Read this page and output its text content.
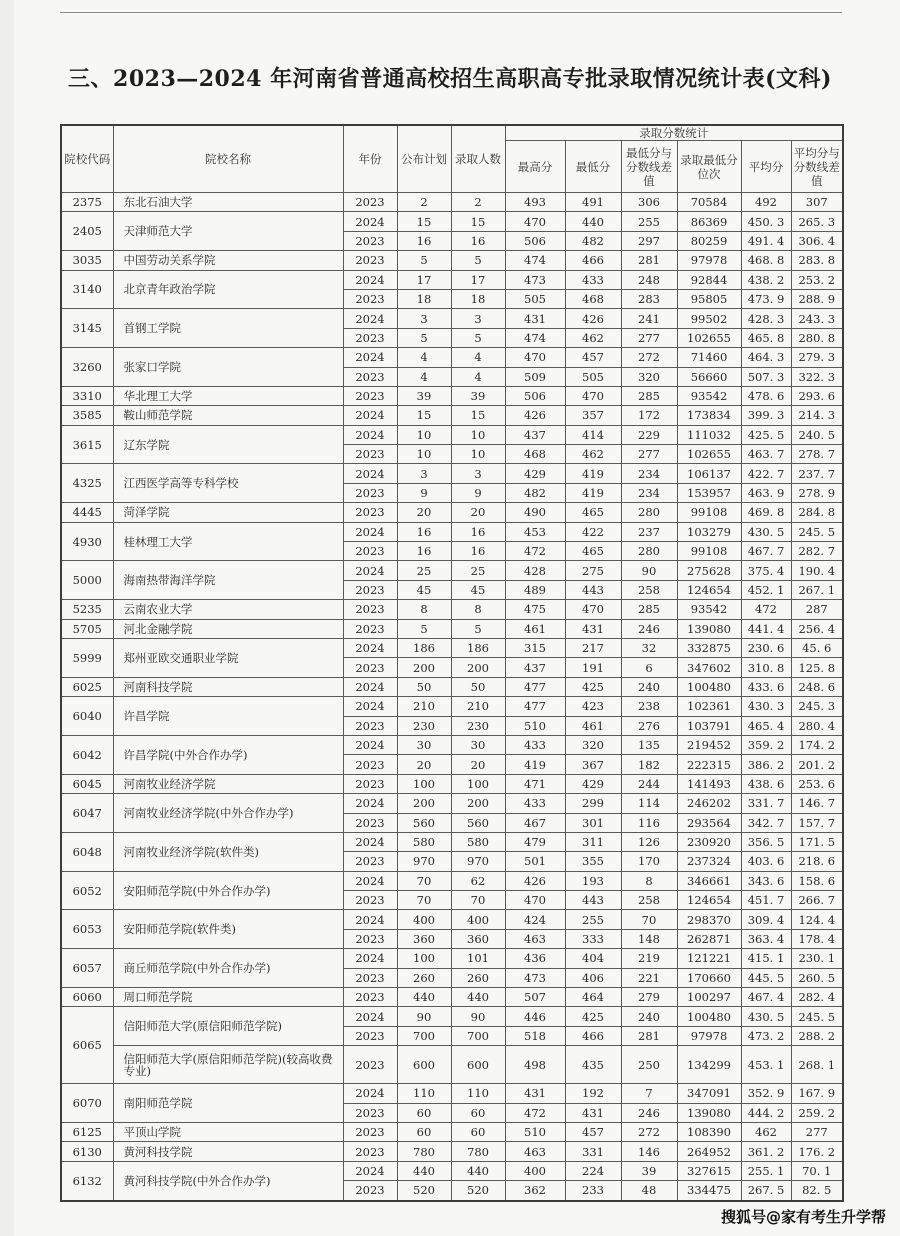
三、2023—2024 年河南省普通高校招生高职高专批录取情况统计表(文科)
院校代码	院校名称	年份	公布计划	录取人数	录取分数统计					
					最高分	最低分	最低分与分数线差值	录取最低分位次	平均分	平均分与分数线差值
2375	东北石油大学	2023	2	2	493	491	306	70584	492	307
2405	天津师范大学	2024	15	15	470	440	255	86369	450. 3	265. 3
		2023	16	16	506	482	297	80259	491. 4	306. 4
3035	中国劳动关系学院	2023	5	5	474	466	281	97978	468. 8	283. 8
3140	北京青年政治学院	2024	17	17	473	433	248	92844	438. 2	253. 2
		2023	18	18	505	468	283	95805	473. 9	288. 9
3145	首钢工学院	2024	3	3	431	426	241	99502	428. 3	243. 3
		2023	5	5	474	462	277	102655	465. 8	280. 8
3260	张家口学院	2024	4	4	470	457	272	71460	464. 3	279. 3
		2023	4	4	509	505	320	56660	507. 3	322. 3
3310	华北理工大学	2023	39	39	506	470	285	93542	478. 6	293. 6
3585	鞍山师范学院	2024	15	15	426	357	172	173834	399. 3	214. 3
3615	辽东学院	2024	10	10	437	414	229	111032	425. 5	240. 5
		2023	10	10	468	462	277	102655	463. 7	278. 7
4325	江西医学高等专科学校	2024	3	3	429	419	234	106137	422. 7	237. 7
		2023	9	9	482	419	234	153957	463. 9	278. 9
4445	菏泽学院	2023	20	20	490	465	280	99108	469. 8	284. 8
4930	桂林理工大学	2024	16	16	453	422	237	103279	430. 5	245. 5
		2023	16	16	472	465	280	99108	467. 7	282. 7
5000	海南热带海洋学院	2024	25	25	428	275	90	275628	375. 4	190. 4
		2023	45	45	489	443	258	124654	452. 1	267. 1
5235	云南农业大学	2023	8	8	475	470	285	93542	472	287
5705	河北金融学院	2023	5	5	461	431	246	139080	441. 4	256. 4
5999	郑州亚欧交通职业学院	2024	186	186	315	217	32	332875	230. 6	45. 6
		2023	200	200	437	191	6	347602	310. 8	125. 8
6025	河南科技学院	2024	50	50	477	425	240	100480	433. 6	248. 6
6040	许昌学院	2024	210	210	477	423	238	102361	430. 3	245. 3
		2023	230	230	510	461	276	103791	465. 4	280. 4
6042	许昌学院(中外合作办学)	2024	30	30	433	320	135	219452	359. 2	174. 2
		2023	20	20	419	367	182	222315	386. 2	201. 2
6045	河南牧业经济学院	2023	100	100	471	429	244	141493	438. 6	253. 6
6047	河南牧业经济学院(中外合作办学)	2024	200	200	433	299	114	246202	331. 7	146. 7
		2023	560	560	467	301	116	293564	342. 7	157. 7
6048	河南牧业经济学院(软件类)	2024	580	580	479	311	126	230920	356. 5	171. 5
		2023	970	970	501	355	170	237324	403. 6	218. 6
6052	安阳师范学院(中外合作办学)	2024	70	62	426	193	8	346661	343. 6	158. 6
		2023	70	70	470	443	258	124654	451. 7	266. 7
6053	安阳师范学院(软件类)	2024	400	400	424	255	70	298370	309. 4	124. 4
		2023	360	360	463	333	148	262871	363. 4	178. 4
6057	商丘师范学院(中外合作办学)	2024	100	101	436	404	219	121221	415. 1	230. 1
		2023	260	260	473	406	221	170660	445. 5	260. 5
6060	周口师范学院	2023	440	440	507	464	279	100297	467. 4	282. 4
6065	信阳师范大学(原信阳师范学院)	2024	90	90	446	425	240	100480	430. 5	245. 5
		2023	700	700	518	466	281	97978	473. 2	288. 2
	信阳师范大学(原信阳师范学院)(较高收费专业)	2023	600	600	498	435	250	134299	453. 1	268. 1
6070	南阳师范学院	2024	110	110	431	192	7	347091	352. 9	167. 9
		2023	60	60	472	431	246	139080	444. 2	259. 2
6125	平顶山学院	2023	60	60	510	457	272	108390	462	277
6130	黄河科技学院	2023	780	780	463	331	146	264952	361. 2	176. 2
6132	黄河科技学院(中外合作办学)	2024	440	440	400	224	39	327615	255. 1	70. 1
		2023	520	520	362	233	48	334475	267. 5	82. 5
搜狐号@家有考生升学帮
